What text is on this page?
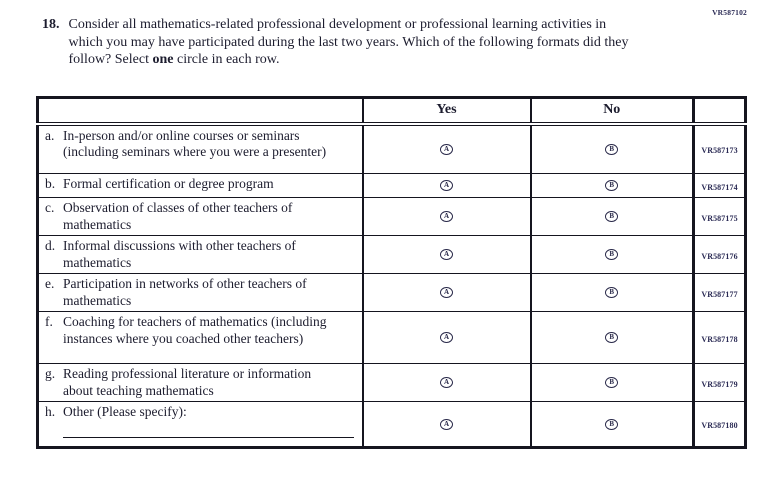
VR587102
18. Consider all mathematics-related professional development or professional learning activities in which you may have participated during the last two years. Which of the following formats did they follow? Select one circle in each row.
	Yes	No	

a. In-person and/or online courses or seminars (including seminars where you were a presenter)	A	B	VR587173

b. Formal certification or degree program	A	B	VR587174

c. Observation of classes of other teachers of mathematics	A	B	VR587175

d. Informal discussions with other teachers of mathematics	A	B	VR587176

e. Participation in networks of other teachers of mathematics	A	B	VR587177

f. Coaching for teachers of mathematics (including instances where you coached other teachers)	A	B	VR587178

g. Reading professional literature or information about teaching mathematics	A	B	VR587179

h. Other (Please specify):	A	B	VR587180
